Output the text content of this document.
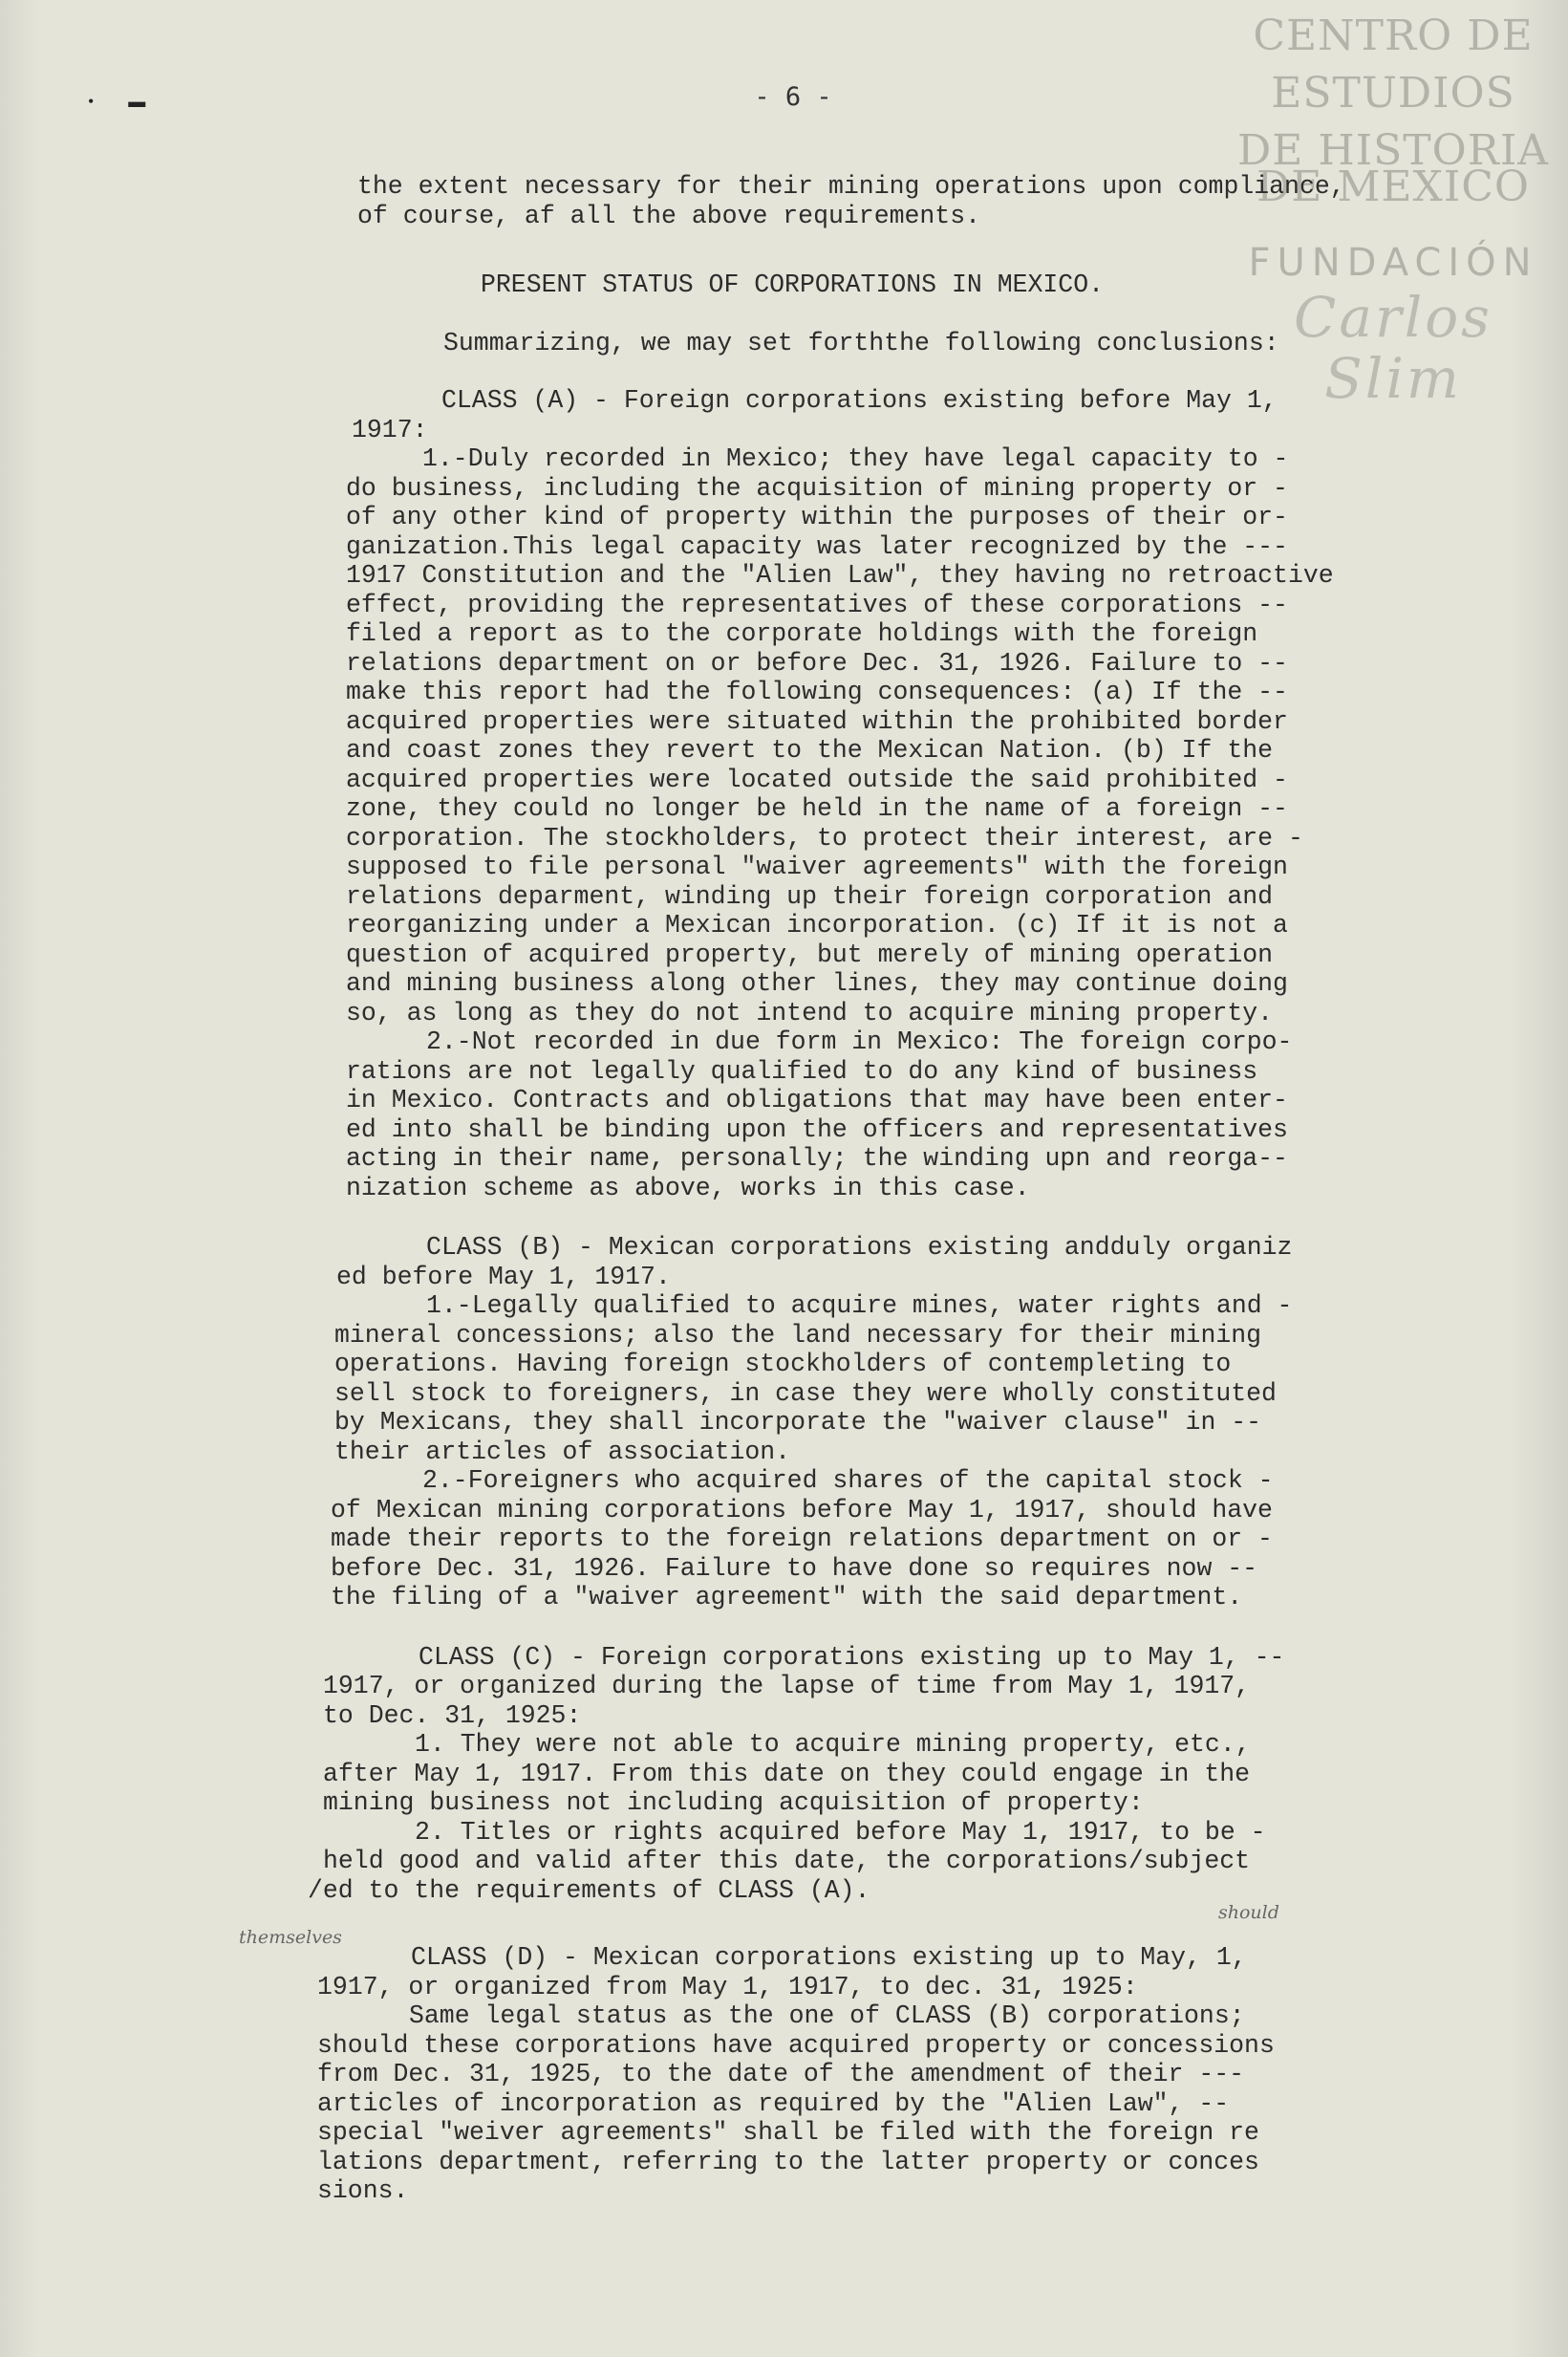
•        ▬
CENTRO DE
ESTUDIOS
DE HISTORIA
DE MEXICO
FUNDACIÓN
Carlos Slim
- 6 -

the extent necessary for their mining operations upon compliance,

of course, af all the above requirements.

PRESENT STATUS OF CORPORATIONS IN MEXICO.

Summarizing, we may set forththe following conclusions:

CLASS (A) - Foreign corporations existing before May 1,

1917:

1.-Duly recorded in Mexico; they have legal capacity to -

do business, including the acquisition of mining property or -

of any other kind of property within the purposes of their or-

ganization.This legal capacity was later recognized by the ---

1917 Constitution and the "Alien Law", they having no retroactive

effect, providing the representatives of these corporations --

filed a report as to the corporate holdings with the foreign

relations department on or before Dec. 31, 1926. Failure to --

make this report had the following consequences: (a) If the --

acquired properties were situated within the prohibited border

and coast zones they revert to the Mexican Nation. (b) If the

acquired properties were located outside the said prohibited -

zone, they could no longer be held in the name of a foreign --

corporation. The stockholders, to protect their interest, are -

supposed to file personal "waiver agreements" with the foreign

relations deparment, winding up their foreign corporation and

reorganizing under a Mexican incorporation. (c) If it is not a

question of acquired property, but merely of mining operation

and mining business along other lines, they may continue doing

so, as long as they do not intend to acquire mining property.

2.-Not recorded in due form in Mexico: The foreign corpo-

rations are not legally qualified to do any kind of business

in Mexico. Contracts and obligations that may have been enter-

ed into shall be binding upon the officers and representatives

acting in their name, personally; the winding upn and reorga--

nization scheme as above, works in this case.

CLASS (B) - Mexican corporations existing andduly organiz

ed before May 1, 1917.

1.-Legally qualified to acquire mines, water rights and -

mineral concessions; also the land necessary for their mining

operations. Having foreign stockholders of contempleting to

sell stock to foreigners, in case they were wholly constituted

by Mexicans, they shall incorporate the "waiver clause" in --

their articles of association.

2.-Foreigners who acquired shares of the capital stock -

of Mexican mining corporations before May 1, 1917, should have

made their reports to the foreign relations department on or -

before Dec. 31, 1926. Failure to have done so requires now --

the filing of a "waiver agreement" with the said department.

CLASS (C) - Foreign corporations existing up to May 1, --

1917, or organized during the lapse of time from May 1, 1917,

to Dec. 31, 1925:

1. They were not able to acquire mining property, etc.,

after May 1, 1917. From this date on they could engage in the

mining business not including acquisition of property:

2. Titles or rights acquired before May 1, 1917, to be -

held good and valid after this date, the corporations/subject

/ed to the requirements of CLASS (A).

CLASS (D) - Mexican corporations existing up to May, 1,

1917, or organized from May 1, 1917, to dec. 31, 1925:

Same legal status as the one of CLASS (B) corporations;

should these corporations have acquired property or concessions

from Dec. 31, 1925, to the date of the amendment of their ---

articles of incorporation as required by the "Alien Law", --

special "weiver agreements" shall be filed with the foreign re

lations department, referring to the latter property or conces

sions.

should
themselves
